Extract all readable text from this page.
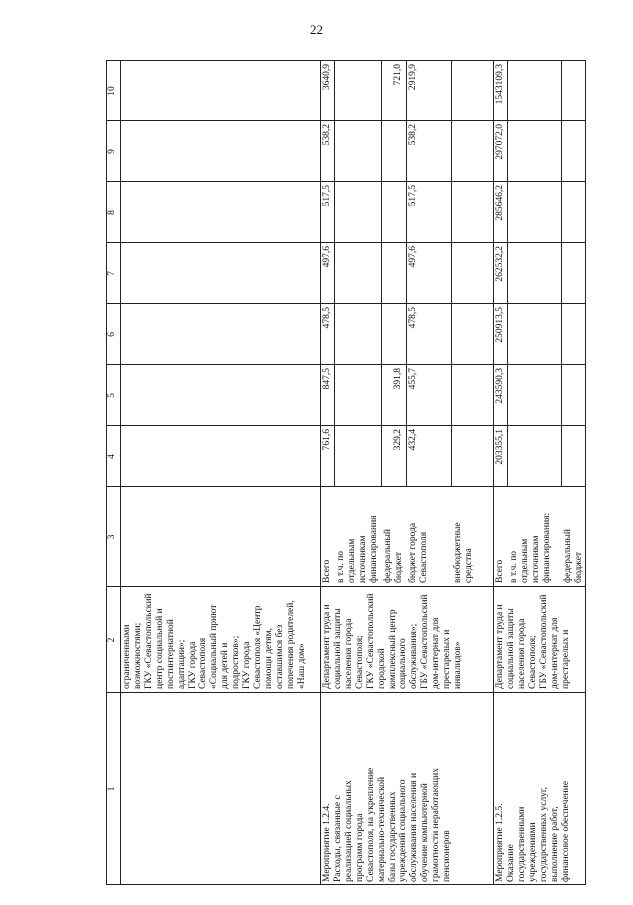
22
1
2
3
4
5
6
7
8
9
10
ограниченными
возможностями;
ГКУ «Севастопольский
центр социальной и
постинтернатной
адаптации»;
ГКУ города
Севастополя
«Социальный приют
для детей и
подростков»;
ГКУ города
Севастополя «Центр
помощи детям,
оставшимся без
попечения родителей,
«Наш дом»
Мероприятие 1.2.4.
Расходы, связанные с
реализацией социальных
программ города
Севастополя, на укрепление
материально-технической
базы государственных
учреждений социального
обслуживания населения и
обучение компьютерной
грамотности неработающих
пенсионеров
Департамент труда и
социальной защиты
населения города
Севастополя;
ГКУ «Севастопольский
городской
комплексный центр
социального
обслуживания»;
ГБУ «Севастопольский
дом-интернат для
престарелых и
инвалидов»
Всего в т.ч. по
отдельным
источникам
финансирования федеральный
бюджет бюджет города
Севастополя	внебюджетные
средства
761,6
847,5
478,5
497,6
517,5
538,2
3640,9
329,2
391,8
721,0
432,4
455,7
478,5
497,6
517,5
538,2
2919,9
Мероприятие 1.2.5.
Оказание
государственными
учреждениями
государственных услуг,
выполнение работ,
финансовое обеспечение
Департамент труда и
социальной защиты
населения города
Севастополя;
ГБУ «Севастопольский
дом-интернат для
престарелых и
Всего в т.ч. по
отдельным
источникам
финансирования: федеральный
бюджет
203355,1
243590,3
250913,5
262532,2
285646,2
297072,0
1543109,3
